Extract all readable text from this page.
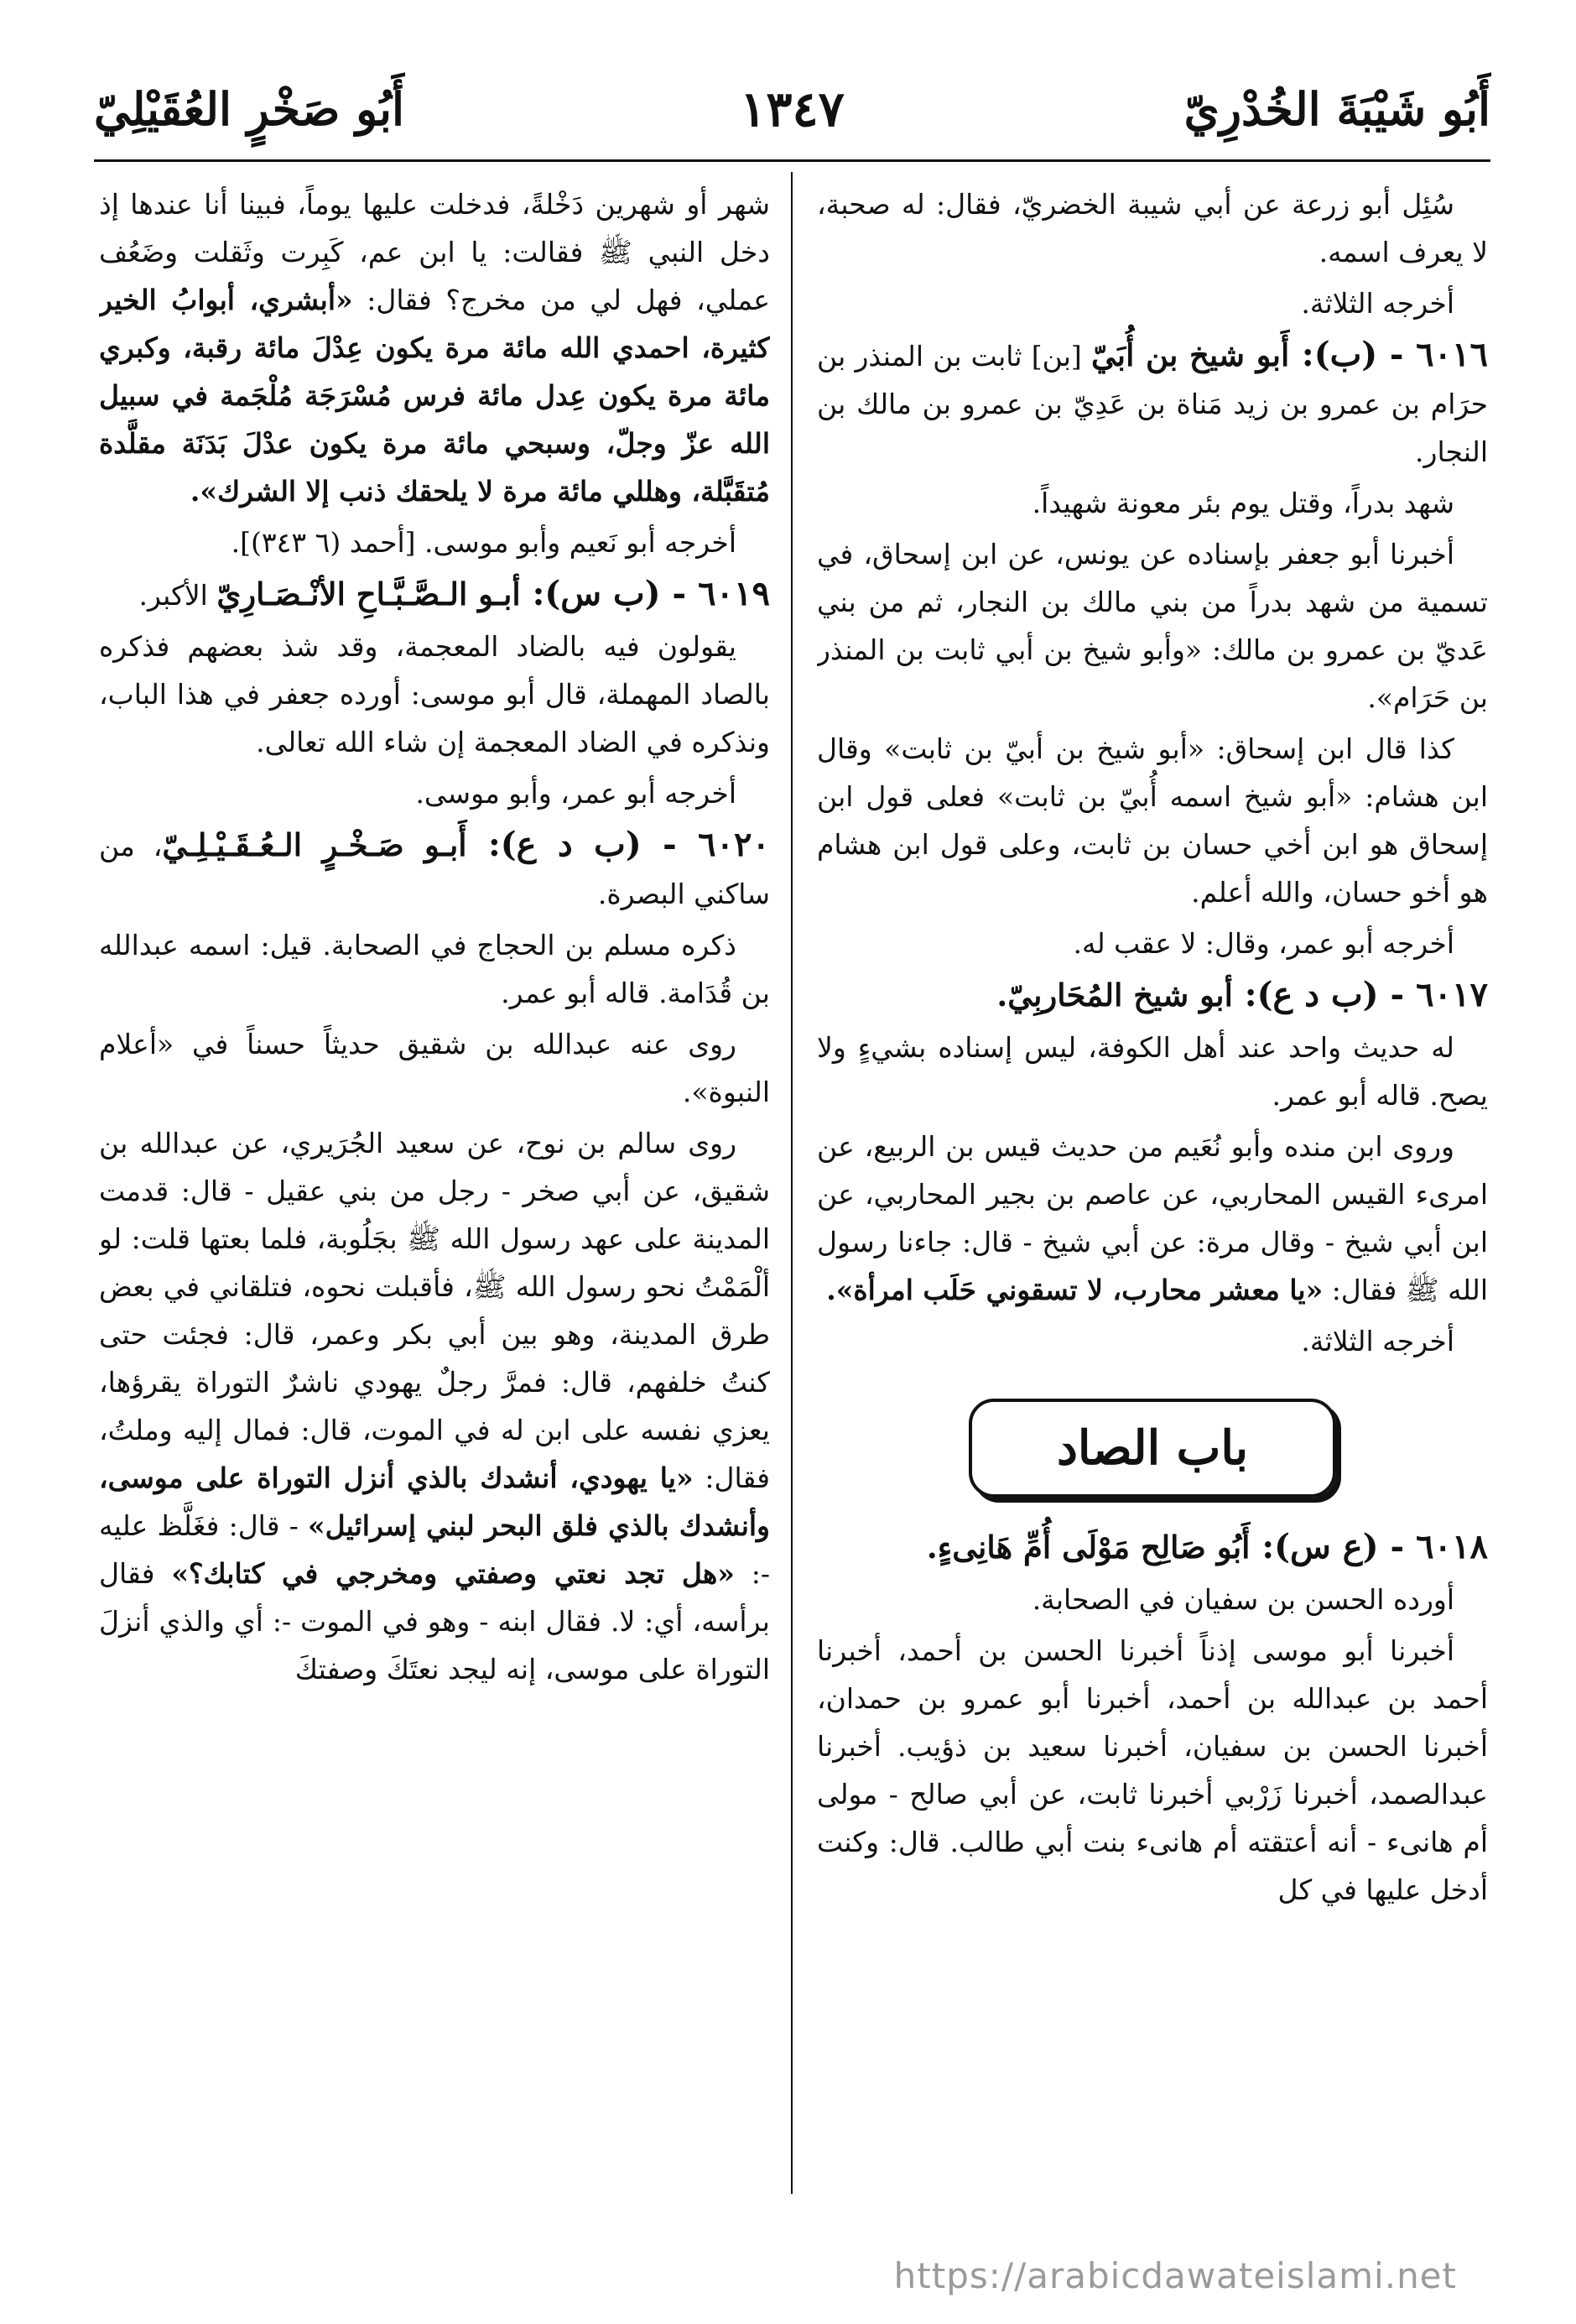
أَبُو شَيْبَةَ الخُدْرِيّ
١٣٤٧
أَبُو صَخْرٍ العُقَيْلِيّ

سُئِل أبو زرعة عن أبي شيبة الخضريّ، فقال: له صحبة، لا يعرف اسمه.

أخرجه الثلاثة.

٦٠١٦ - (ب): أَبو شيخ بن أُبَيّ [بن] ثابت بن المنذر بن حرَام بن عمرو بن زيد مَناة بن عَدِيّ بن عمرو بن مالك بن النجار.

شهد بدراً، وقتل يوم بئر معونة شهيداً.

أخبرنا أبو جعفر بإسناده عن يونس، عن ابن إسحاق، في تسمية من شهد بدراً من بني مالك بن النجار، ثم من بني عَديّ بن عمرو بن مالك: «وأبو شيخ بن أبي ثابت بن المنذر بن حَرَام».

كذا قال ابن إسحاق: «أبو شيخ بن أبيّ بن ثابت» وقال ابن هشام: «أبو شيخ اسمه أُبيّ بن ثابت» فعلى قول ابن إسحاق هو ابن أخي حسان بن ثابت، وعلى قول ابن هشام هو أخو حسان، والله أعلم.

أخرجه أبو عمر، وقال: لا عقب له.

٦٠١٧ - (ب د ع): أبو شيخ المُحَاربِيّ.

له حديث واحد عند أهل الكوفة، ليس إسناده بشيءٍ ولا يصح. قاله أبو عمر.

وروى ابن منده وأبو نُعَيم من حديث قيس بن الربيع، عن امرىء القيس المحاربي، عن عاصم بن بجير المحاربي، عن ابن أبي شيخ - وقال مرة: عن أبي شيخ - قال: جاءنا رسول الله ﷺ فقال: «يا معشر محارب، لا تسقوني حَلَب امرأة».

أخرجه الثلاثة.

باب الصاد

٦٠١٨ - (ع س): أَبُو صَالِح مَوْلَى أُمِّ هَانِىءٍ.

أورده الحسن بن سفيان في الصحابة.

أخبرنا أبو موسى إذناً أخبرنا الحسن بن أحمد، أخبرنا أحمد بن عبدالله بن أحمد، أخبرنا أبو عمرو بن حمدان، أخبرنا الحسن بن سفيان، أخبرنا سعيد بن ذؤيب. أخبرنا عبدالصمد، أخبرنا زَرْبي أخبرنا ثابت، عن أبي صالح - مولى أم هانىء - أنه أعتقته أم هانىء بنت أبي طالب. قال: وكنت أدخل عليها في كل

شهر أو شهرين دَخْلةً، فدخلت عليها يوماً، فبينا أنا عندها إذ دخل النبي ﷺ فقالت: يا ابن عم، كَبِرت وثَقلت وضَعُف عملي، فهل لي من مخرج؟ فقال: «أبشري، أبوابُ الخير كثيرة، احمدي الله مائة مرة يكون عِدْلَ مائة رقبة، وكبري مائة مرة يكون عِدل مائة فرس مُسْرَجَة مُلْجَمة في سبيل الله عزّ وجلّ، وسبحي مائة مرة يكون عدْلَ بَدَنَة مقلَّدة مُتقَبَّلة، وهللي مائة مرة لا يلحقك ذنب إلا الشرك».

أخرجه أبو نَعيم وأبو موسى. [أحمد (٦ ٣٤٣)].

٦٠١٩ - (ب س): أبـو الـصَّـبَّـاحِ الأنْـصَـارِيّ الأكبر.

يقولون فيه بالضاد المعجمة، وقد شذ بعضهم فذكره بالصاد المهملة، قال أبو موسى: أورده جعفر في هذا الباب، ونذكره في الضاد المعجمة إن شاء الله تعالى.

أخرجه أبو عمر، وأبو موسى.

٦٠٢٠ - (ب د ع): أَبـو صَـخْـرٍ الـعُـقَـيْـلِـيّ، من ساكني البصرة.

ذكره مسلم بن الحجاج في الصحابة. قيل: اسمه عبدالله بن قُدَامة. قاله أبو عمر.

روى عنه عبدالله بن شقيق حديثاً حسناً في «أعلام النبوة».

روى سالم بن نوح، عن سعيد الجُرَيري، عن عبدالله بن شقيق، عن أبي صخر - رجل من بني عقيل - قال: قدمت المدينة على عهد رسول الله ﷺ بجَلُوبة، فلما بعتها قلت: لو ألْمَمْتُ نحو رسول الله ﷺ، فأقبلت نحوه، فتلقاني في بعض طرق المدينة، وهو بين أبي بكر وعمر، قال: فجئت حتى كنتُ خلفهم، قال: فمرَّ رجلٌ يهودي ناشرٌ التوراة يقرؤها، يعزي نفسه على ابن له في الموت، قال: فمال إليه وملتُ، فقال: «يا يهودي، أنشدك بالذي أنزل التوراة على موسى، وأنشدك بالذي فلق البحر لبني إسرائيل» - قال: فغَلَّظ عليه -: «هل تجد نعتي وصفتي ومخرجي في كتابك؟» فقال برأسه، أي: لا. فقال ابنه - وهو في الموت -: أي والذي أنزلَ التوراة على موسى، إنه ليجد نعتَكَ وصفتكَ

https://arabicdawateislami.net
